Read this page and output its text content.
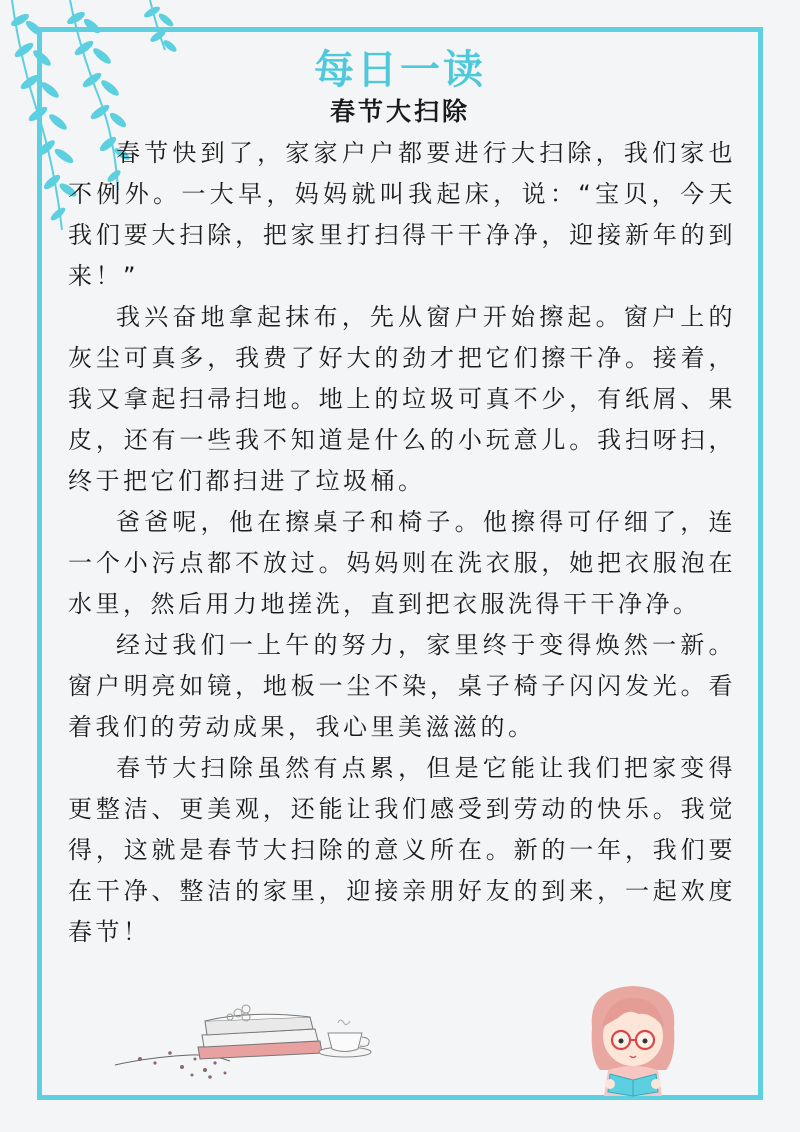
每日一读
春节大扫除

春节快到了，家家户户都要进行大扫除，我们家也不例外。一大早，妈妈就叫我起床，说：“宝贝，今天我们要大扫除，把家里打扫得干干净净，迎接新年的到来！”

我兴奋地拿起抹布，先从窗户开始擦起。窗户上的灰尘可真多，我费了好大的劲才把它们擦干净。接着，我又拿起扫帚扫地。地上的垃圾可真不少，有纸屑、果皮，还有一些我不知道是什么的小玩意儿。我扫呀扫，终于把它们都扫进了垃圾桶。

爸爸呢，他在擦桌子和椅子。他擦得可仔细了，连一个小污点都不放过。妈妈则在洗衣服，她把衣服泡在水里，然后用力地搓洗，直到把衣服洗得干干净净。

经过我们一上午的努力，家里终于变得焕然一新。窗户明亮如镜，地板一尘不染，桌子椅子闪闪发光。看着我们的劳动成果，我心里美滋滋的。

春节大扫除虽然有点累，但是它能让我们把家变得更整洁、更美观，还能让我们感受到劳动的快乐。我觉得，这就是春节大扫除的意义所在。新的一年，我们要在干净、整洁的家里，迎接亲朋好友的到来，一起欢度春节！
